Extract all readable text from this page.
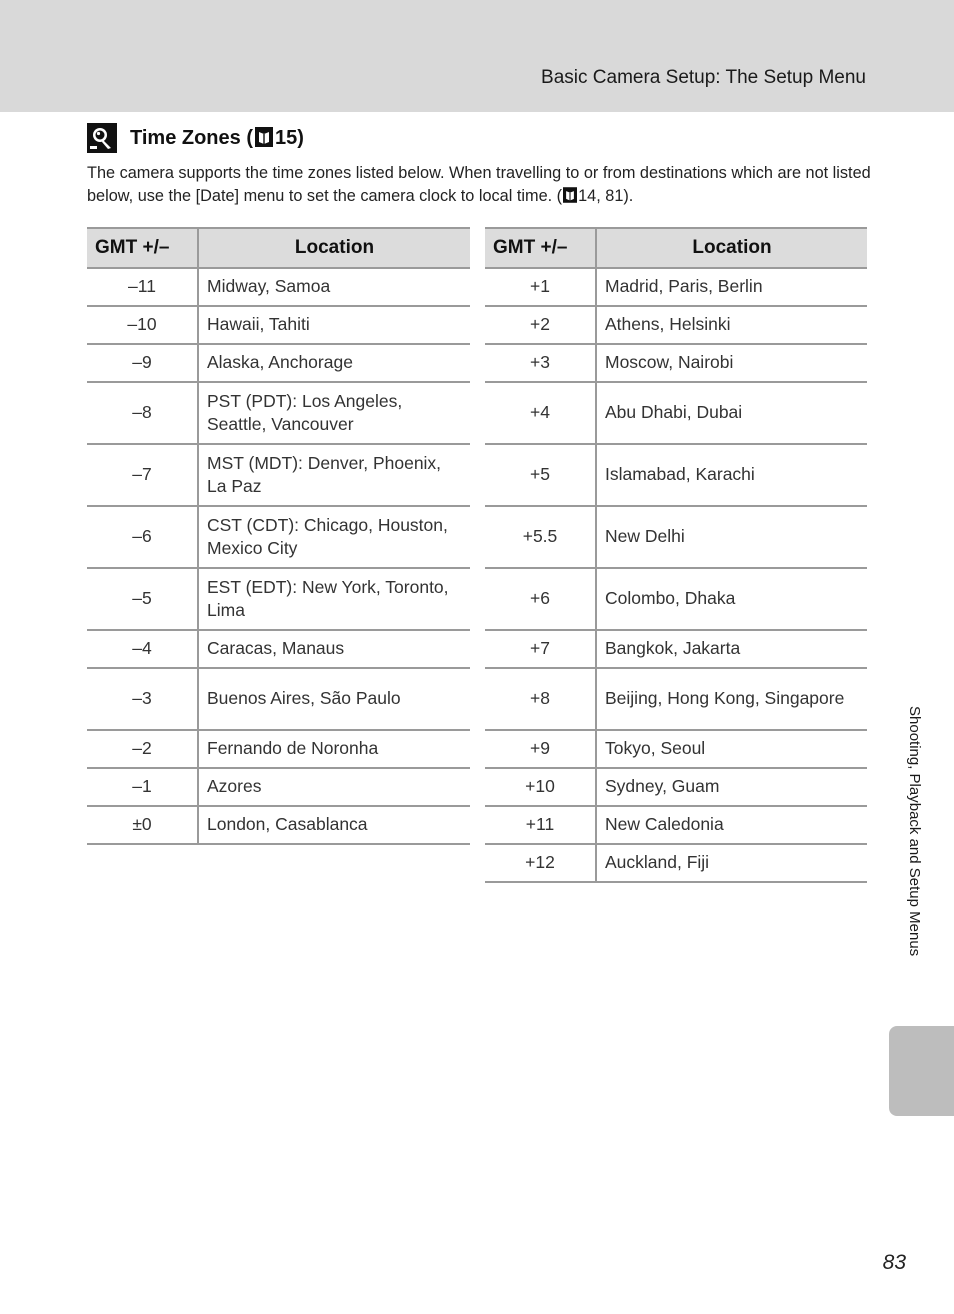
Basic Camera Setup: The Setup Menu
Time Zones ( 15)
The camera supports the time zones listed below. When travelling to or from destinations which are not listed below, use the [Date] menu to set the camera clock to local time. ( 14, 81).
GMT +/–	Location
–11	Midway, Samoa
–10	Hawaii, Tahiti
–9	Alaska, Anchorage
–8	PST (PDT): Los Angeles, Seattle, Vancouver
–7	MST (MDT): Denver, Phoenix, La Paz
–6	CST (CDT): Chicago, Houston, Mexico City
–5	EST (EDT): New York, Toronto, Lima
–4	Caracas, Manaus
–3	Buenos Aires, São Paulo
–2	Fernando de Noronha
–1	Azores
±0	London, Casablanca
GMT +/–	Location
+1	Madrid, Paris, Berlin
+2	Athens, Helsinki
+3	Moscow, Nairobi
+4	Abu Dhabi, Dubai
+5	Islamabad, Karachi
+5.5	New Delhi
+6	Colombo, Dhaka
+7	Bangkok, Jakarta
+8	Beijing, Hong Kong, Singapore
+9	Tokyo, Seoul
+10	Sydney, Guam
+11	New Caledonia
+12	Auckland, Fiji	Shooting, Playback and Setup Menus
83
